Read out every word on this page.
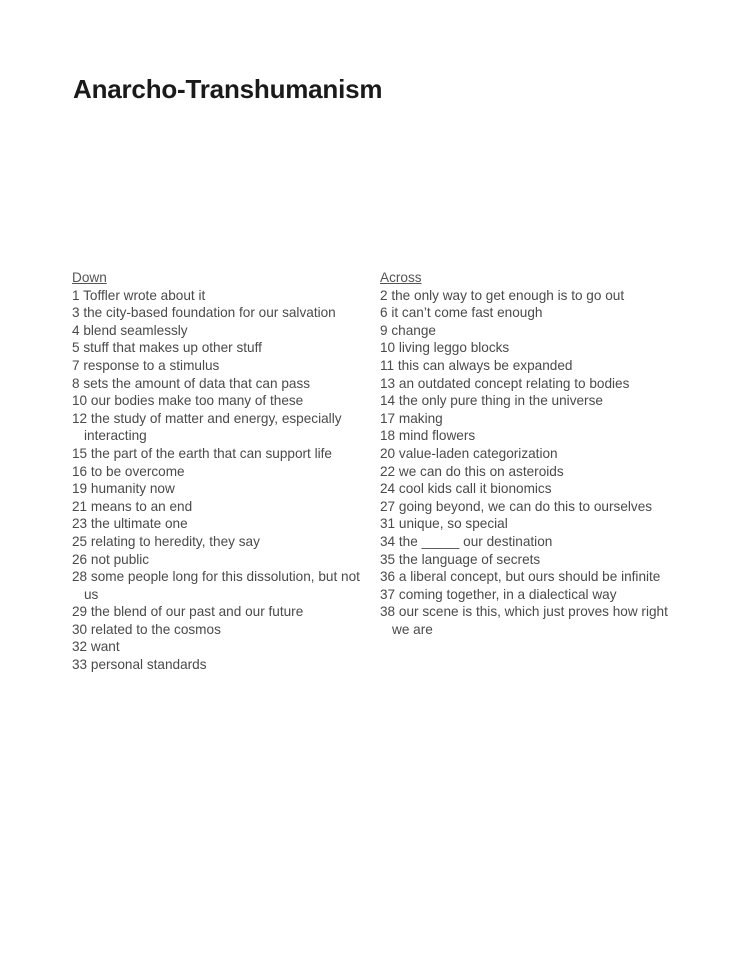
Anarcho-Transhumanism
Down
1 Toffler wrote about it
3 the city-based foundation for our salvation
4 blend seamlessly
5 stuff that makes up other stuff
7 response to a stimulus
8 sets the amount of data that can pass
10 our bodies make too many of these
12 the study of matter and energy, especially interacting
15 the part of the earth that can support life
16 to be overcome
19 humanity now
21 means to an end
23 the ultimate one
25 relating to heredity, they say
26 not public
28 some people long for this dissolution, but not us
29 the blend of our past and our future
30 related to the cosmos
32 want
33 personal standards
Across
2 the only way to get enough is to go out
6 it can’t come fast enough
9 change
10 living leggo blocks
11 this can always be expanded
13 an outdated concept relating to bodies
14 the only pure thing in the universe
17 making
18 mind flowers
20 value-laden categorization
22 we can do this on asteroids
24 cool kids call it bionomics
27 going beyond, we can do this to ourselves
31 unique, so special
34 the _____ our destination
35 the language of secrets
36 a liberal concept, but ours should be infinite
37 coming together, in a dialectical way
38 our scene is this, which just proves how right we are
